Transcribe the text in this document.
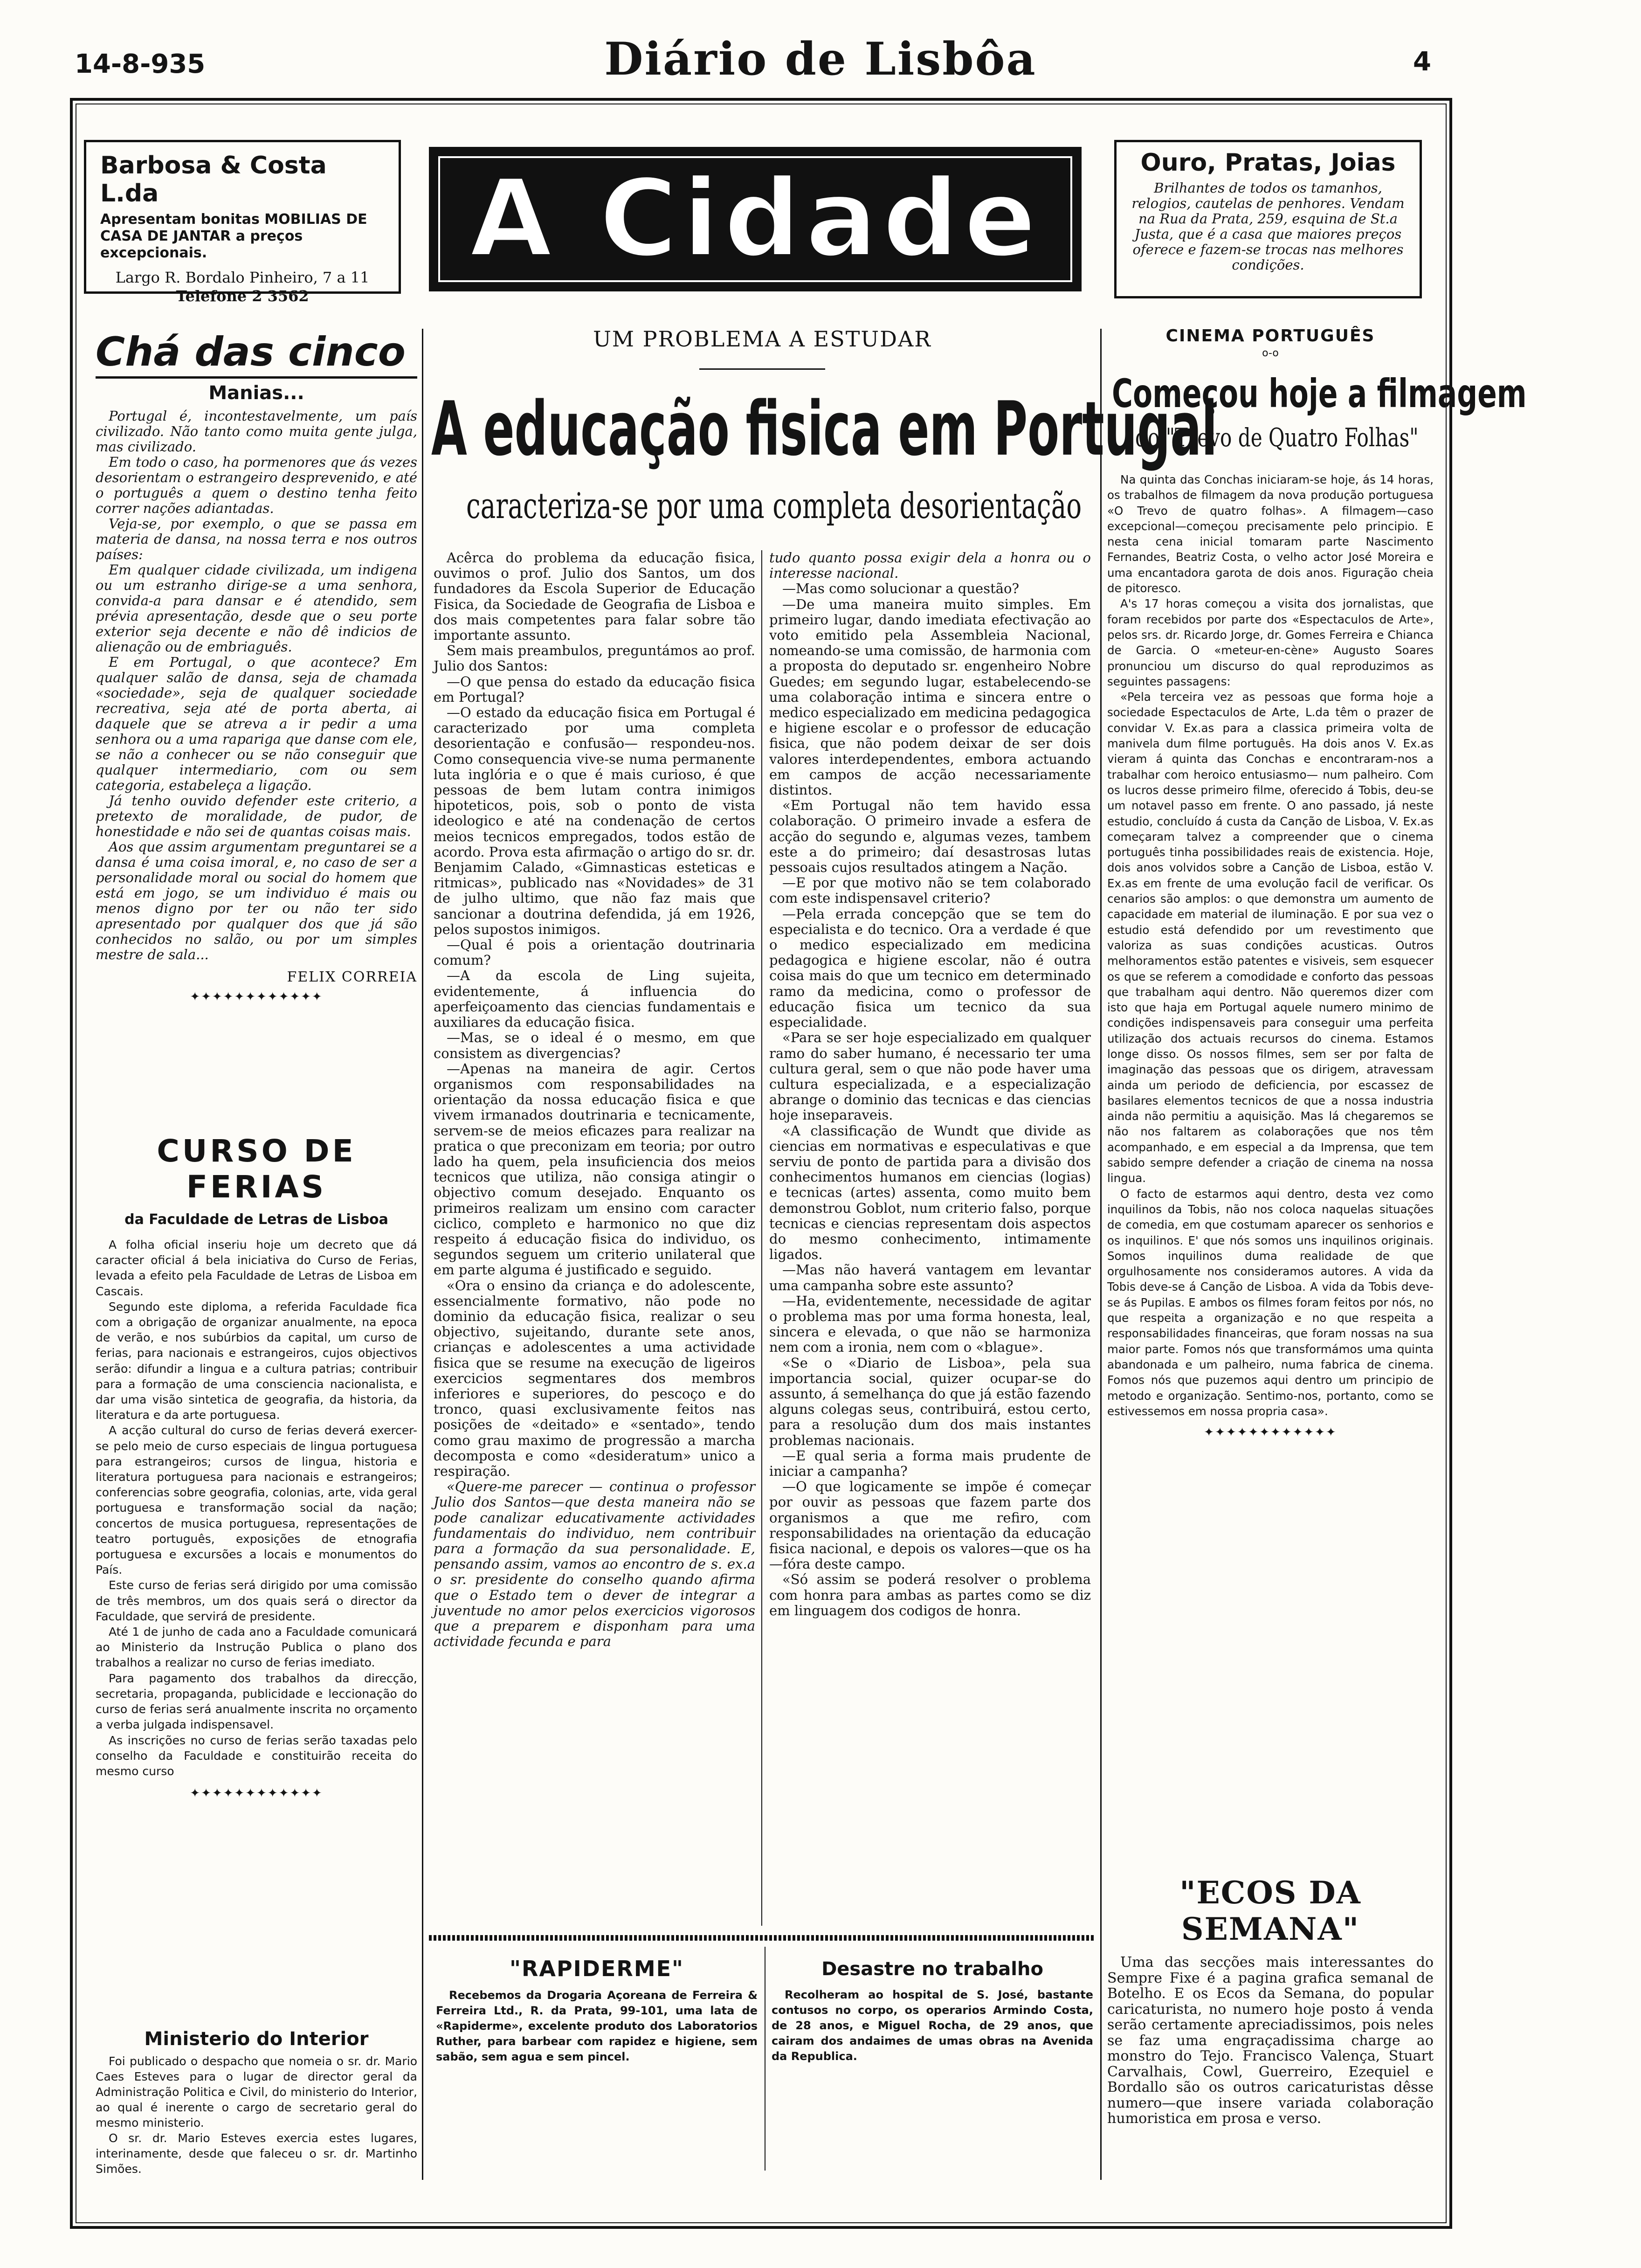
14-8-935	Diário de Lisbôa	4
Barbosa & Costa L.da
Apresentam bonitas MOBILIAS DE CASA DE JANTAR a preços excepcionais.
Largo R. Bordalo Pinheiro, 7 a 11
Telefone 2 3562
A Cidade	Ouro, Pratas, Joias
Brilhantes de todos os tamanhos, relogios, cautelas de penhores. Vendam na Rua da Prata, 259, esquina de St.a Justa, que é a casa que maiores preços oferece e fazem-se trocas nas melhores condições.
Chá das cinco
Manias...

Portugal é, incontestavelmente, um país civilizado. Não tanto como muita gente julga, mas civilizado.

Em todo o caso, ha pormenores que ás vezes desorientam o estrangeiro desprevenido, e até o português a quem o destino tenha feito correr nações adiantadas.

Veja-se, por exemplo, o que se passa em materia de dansa, na nossa terra e nos outros países:

Em qualquer cidade civilizada, um indigena ou um estranho dirige-se a uma senhora, convida-a para dansar e é atendido, sem prévia apresentação, desde que o seu porte exterior seja decente e não dê indicios de alienação ou de embriaguês.

E em Portugal, o que acontece? Em qualquer salão de dansa, seja de chamada «sociedade», seja de qualquer sociedade recreativa, seja até de porta aberta, ai daquele que se atreva a ir pedir a uma senhora ou a uma rapariga que danse com ele, se não a conhecer ou se não conseguir que qualquer intermediario, com ou sem categoria, estabeleça a ligação.

Já tenho ouvido defender este criterio, a pretexto de moralidade, de pudor, de honestidade e não sei de quantas coisas mais.

Aos que assim argumentam preguntarei se a dansa é uma coisa imoral, e, no caso de ser a personalidade moral ou social do homem que está em jogo, se um individuo é mais ou menos digno por ter ou não ter sido apresentado por qualquer dos que já são conhecidos no salão, ou por um simples mestre de sala...

FELIX CORREIA
✦✦✦✦✦✦✦✦✦✦✦✦
CURSO DE FERIAS
da Faculdade de Letras de Lisboa

A folha oficial inseriu hoje um decreto que dá caracter oficial á bela iniciativa do Curso de Ferias, levada a efeito pela Faculdade de Letras de Lisboa em Cascais.

Segundo este diploma, a referida Faculdade fica com a obrigação de organizar anualmente, na epoca de verão, e nos subúrbios da capital, um curso de ferias, para nacionais e estrangeiros, cujos objectivos serão: difundir a lingua e a cultura patrias; contribuir para a formação de uma consciencia nacionalista, e dar uma visão sintetica de geografia, da historia, da literatura e da arte portuguesa.

A acção cultural do curso de ferias deverá exercer-se pelo meio de curso especiais de lingua portuguesa para estrangeiros; cursos de lingua, historia e literatura portuguesa para nacionais e estrangeiros; conferencias sobre geografia, colonias, arte, vida geral portuguesa e transformação social da nação; concertos de musica portuguesa, representações de teatro português, exposições de etnografia portuguesa e excursões a locais e monumentos do País.

Este curso de ferias será dirigido por uma comissão de três membros, um dos quais será o director da Faculdade, que servirá de presidente.

Até 1 de junho de cada ano a Faculdade comunicará ao Ministerio da Instrução Publica o plano dos trabalhos a realizar no curso de ferias imediato.

Para pagamento dos trabalhos da direcção, secretaria, propaganda, publicidade e leccionação do curso de ferias será anualmente inscrita no orçamento a verba julgada indispensavel.

As inscrições no curso de ferias serão taxadas pelo conselho da Faculdade e constituirão receita do mesmo curso

✦✦✦✦✦✦✦✦✦✦✦✦
Ministerio do Interior

Foi publicado o despacho que nomeia o sr. dr. Mario Caes Esteves para o lugar de director geral da Administração Politica e Civil, do ministerio do Interior, ao qual é inerente o cargo de secretario geral do mesmo ministerio.

O sr. dr. Mario Esteves exercia estes lugares, interinamente, desde que faleceu o sr. dr. Martinho Simões.

UM PROBLEMA A ESTUDAR
A educação fisica em Portugal
caracteriza-se por uma completa desorientação

Acêrca do problema da educação fisica, ouvimos o prof. Julio dos Santos, um dos fundadores da Escola Superior de Educação Fisica, da Sociedade de Geografia de Lisboa e dos mais competentes para falar sobre tão importante assunto.

Sem mais preambulos, preguntámos ao prof. Julio dos Santos:

—O que pensa do estado da educação fisica em Portugal?

—O estado da educação fisica em Portugal é caracterizado por uma completa desorientação e confusão— respondeu-nos. Como consequencia vive-se numa permanente luta inglória e o que é mais curioso, é que pessoas de bem lutam contra inimigos hipoteticos, pois, sob o ponto de vista ideologico e até na condenação de certos meios tecnicos empregados, todos estão de acordo. Prova esta afirmação o artigo do sr. dr. Benjamim Calado, «Gimnasticas esteticas e ritmicas», publicado nas «Novidades» de 31 de julho ultimo, que não faz mais que sancionar a doutrina defendida, já em 1926, pelos supostos inimigos.

—Qual é pois a orientação doutrinaria comum?

—A da escola de Ling sujeita, evidentemente, á influencia do aperfeiçoamento das ciencias fundamentais e auxiliares da educação fisica.

—Mas, se o ideal é o mesmo, em que consistem as divergencias?

—Apenas na maneira de agir. Certos organismos com responsabilidades na orientação da nossa educação fisica e que vivem irmanados doutrinaria e tecnicamente, servem-se de meios eficazes para realizar na pratica o que preconizam em teoria; por outro lado ha quem, pela insuficiencia dos meios tecnicos que utiliza, não consiga atingir o objectivo comum desejado. Enquanto os primeiros realizam um ensino com caracter ciclico, completo e harmonico no que diz respeito á educação fisica do individuo, os segundos seguem um criterio unilateral que em parte alguma é justificado e seguido.

«Ora o ensino da criança e do adolescente, essencialmente formativo, não pode no dominio da educação fisica, realizar o seu objectivo, sujeitando, durante sete anos, crianças e adolescentes a uma actividade fisica que se resume na execução de ligeiros exercicios segmentares dos membros inferiores e superiores, do pescoço e do tronco, quasi exclusivamente feitos nas posições de «deitado» e «sentado», tendo como grau maximo de progressão a marcha decomposta e como «desideratum» unico a respiração.

«Quere-me parecer — continua o professor Julio dos Santos—que desta maneira não se pode canalizar educativamente actividades fundamentais do individuo, nem contribuir para a formação da sua personalidade. E, pensando assim, vamos ao encontro de s. ex.a o sr. presidente do conselho quando afirma que o Estado tem o dever de integrar a juventude no amor pelos exercicios vigorosos que a preparem e disponham para uma actividade fecunda e para

tudo quanto possa exigir dela a honra ou o interesse nacional.

—Mas como solucionar a questão?

—De uma maneira muito simples. Em primeiro lugar, dando imediata efectivação ao voto emitido pela Assembleia Nacional, nomeando-se uma comissão, de harmonia com a proposta do deputado sr. engenheiro Nobre Guedes; em segundo lugar, estabelecendo-se uma colaboração intima e sincera entre o medico especializado em medicina pedagogica e higiene escolar e o professor de educação fisica, que não podem deixar de ser dois valores interdependentes, embora actuando em campos de acção necessariamente distintos.

«Em Portugal não tem havido essa colaboração. O primeiro invade a esfera de acção do segundo e, algumas vezes, tambem este a do primeiro; daí desastrosas lutas pessoais cujos resultados atingem a Nação.

—E por que motivo não se tem colaborado com este indispensavel criterio?

—Pela errada concepção que se tem do especialista e do tecnico. Ora a verdade é que o medico especializado em medicina pedagogica e higiene escolar, não é outra coisa mais do que um tecnico em determinado ramo da medicina, como o professor de educação fisica um tecnico da sua especialidade.

«Para se ser hoje especializado em qualquer ramo do saber humano, é necessario ter uma cultura geral, sem o que não pode haver uma cultura especializada, e a especialização abrange o dominio das tecnicas e das ciencias hoje inseparaveis.

«A classificação de Wundt que divide as ciencias em normativas e especulativas e que serviu de ponto de partida para a divisão dos conhecimentos humanos em ciencias (logias) e tecnicas (artes) assenta, como muito bem demonstrou Goblot, num criterio falso, porque tecnicas e ciencias representam dois aspectos do mesmo conhecimento, intimamente ligados.

—Mas não haverá vantagem em levantar uma campanha sobre este assunto?

—Ha, evidentemente, necessidade de agitar o problema mas por uma forma honesta, leal, sincera e elevada, o que não se harmoniza nem com a ironia, nem com o «blague».

«Se o «Diario de Lisboa», pela sua importancia social, quizer ocupar-se do assunto, á semelhança do que já estão fazendo alguns colegas seus, contribuirá, estou certo, para a resolução dum dos mais instantes problemas nacionais.

—E qual seria a forma mais prudente de iniciar a campanha?

—O que logicamente se impõe é começar por ouvir as pessoas que fazem parte dos organismos a que me refiro, com responsabilidades na orientação da educação fisica nacional, e depois os valores—que os ha—fóra deste campo.

«Só assim se poderá resolver o problema com honra para ambas as partes como se diz em linguagem dos codigos de honra.

"RAPIDERME"

Recebemos da Drogaria Açoreana de Ferreira & Ferreira Ltd., R. da Prata, 99-101, uma lata de «Rapiderme», excelente produto dos Laboratorios Ruther, para barbear com rapidez e higiene, sem sabão, sem agua e sem pincel.

Desastre no trabalho

Recolheram ao hospital de S. José, bastante contusos no corpo, os operarios Armindo Costa, de 28 anos, e Miguel Rocha, de 29 anos, que cairam dos andaimes de umas obras na Avenida da Republica.

CINEMA PORTUGUÊS
o-o
Começou hoje a filmagem
do "Trevo de Quatro Folhas"

Na quinta das Conchas iniciaram-se hoje, ás 14 horas, os trabalhos de filmagem da nova produção portuguesa «O Trevo de quatro folhas». A filmagem—caso excepcional—começou precisamente pelo principio. E nesta cena inicial tomaram parte Nascimento Fernandes, Beatriz Costa, o velho actor José Moreira e uma encantadora garota de dois anos. Figuração cheia de pitoresco.

A's 17 horas começou a visita dos jornalistas, que foram recebidos por parte dos «Espectaculos de Arte», pelos srs. dr. Ricardo Jorge, dr. Gomes Ferreira e Chianca de Garcia. O «meteur-en-cène» Augusto Soares pronunciou um discurso do qual reproduzimos as seguintes passagens:

«Pela terceira vez as pessoas que forma hoje a sociedade Espectaculos de Arte, L.da têm o prazer de convidar V. Ex.as para a classica primeira volta de manivela dum filme português. Ha dois anos V. Ex.as vieram á quinta das Conchas e encontraram-nos a trabalhar com heroico entusiasmo— num palheiro. Com os lucros desse primeiro filme, oferecido á Tobis, deu-se um notavel passo em frente. O ano passado, já neste estudio, concluído á custa da Canção de Lisboa, V. Ex.as começaram talvez a compreender que o cinema português tinha possibilidades reais de existencia. Hoje, dois anos volvidos sobre a Canção de Lisboa, estão V. Ex.as em frente de uma evolução facil de verificar. Os cenarios são amplos: o que demonstra um aumento de capacidade em material de iluminação. E por sua vez o estudio está defendido por um revestimento que valoriza as suas condições acusticas. Outros melhoramentos estão patentes e visiveis, sem esquecer os que se referem a comodidade e conforto das pessoas que trabalham aqui dentro. Não queremos dizer com isto que haja em Portugal aquele numero minimo de condições indispensaveis para conseguir uma perfeita utilização dos actuais recursos do cinema. Estamos longe disso. Os nossos filmes, sem ser por falta de imaginação das pessoas que os dirigem, atravessam ainda um periodo de deficiencia, por escassez de basilares elementos tecnicos de que a nossa industria ainda não permitiu a aquisição. Mas lá chegaremos se não nos faltarem as colaborações que nos têm acompanhado, e em especial a da Imprensa, que tem sabido sempre defender a criação de cinema na nossa lingua.

O facto de estarmos aqui dentro, desta vez como inquilinos da Tobis, não nos coloca naquelas situações de comedia, em que costumam aparecer os senhorios e os inquilinos. E' que nós somos uns inquilinos originais. Somos inquilinos duma realidade de que orgulhosamente nos consideramos autores. A vida da Tobis deve-se á Canção de Lisboa. A vida da Tobis deve-se ás Pupilas. E ambos os filmes foram feitos por nós, no que respeita a organização e no que respeita a responsabilidades financeiras, que foram nossas na sua maior parte. Fomos nós que transformámos uma quinta abandonada e um palheiro, numa fabrica de cinema. Fomos nós que puzemos aqui dentro um principio de metodo e organização. Sentimo-nos, portanto, como se estivessemos em nossa propria casa».

✦✦✦✦✦✦✦✦✦✦✦✦
"ECOS DA SEMANA"

Uma das secções mais interessantes do Sempre Fixe é a pagina grafica semanal de Botelho. E os Ecos da Semana, do popular caricaturista, no numero hoje posto á venda serão certamente apreciadissimos, pois neles se faz uma engraçadissima charge ao monstro do Tejo. Francisco Valença, Stuart Carvalhais, Cowl, Guerreiro, Ezequiel e Bordallo são os outros caricaturistas dêsse numero—que insere variada colaboração humoristica em prosa e verso.
